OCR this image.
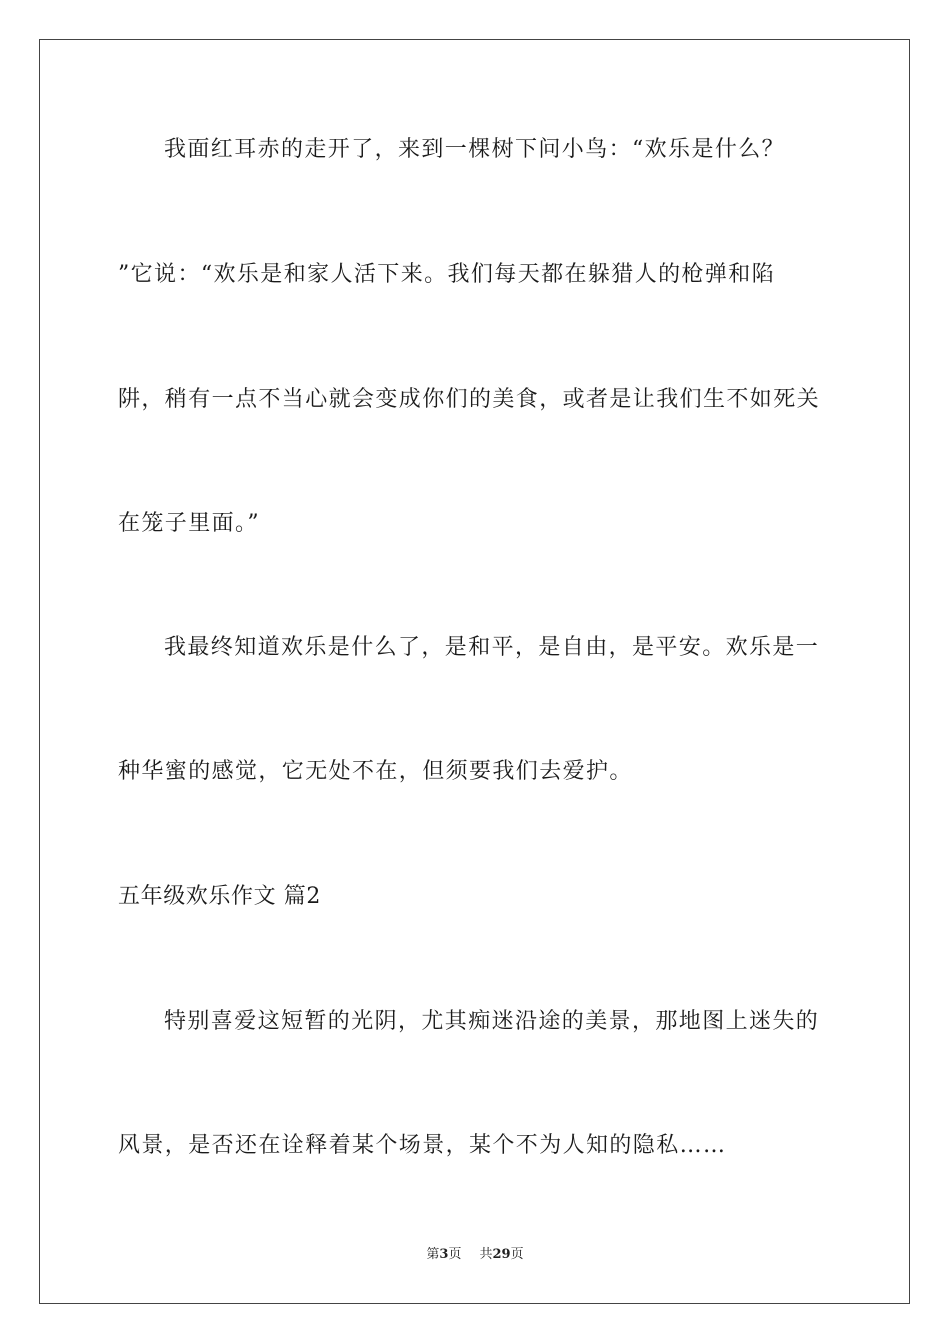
我面红耳赤的走开了，来到一棵树下问小鸟：“欢乐是什么？
”它说：“欢乐是和家人活下来。我们每天都在躲猎人的枪弹和陷
阱，稍有一点不当心就会变成你们的美食，或者是让我们生不如死关
在笼子里面。”
我最终知道欢乐是什么了，是和平，是自由，是平安。欢乐是一
种华蜜的感觉，它无处不在，但须要我们去爱护。
五年级欢乐作文 篇2
特别喜爱这短暂的光阴，尤其痴迷沿途的美景，那地图上迷失的
风景，是否还在诠释着某个场景，某个不为人知的隐私……
第3页 共29页
